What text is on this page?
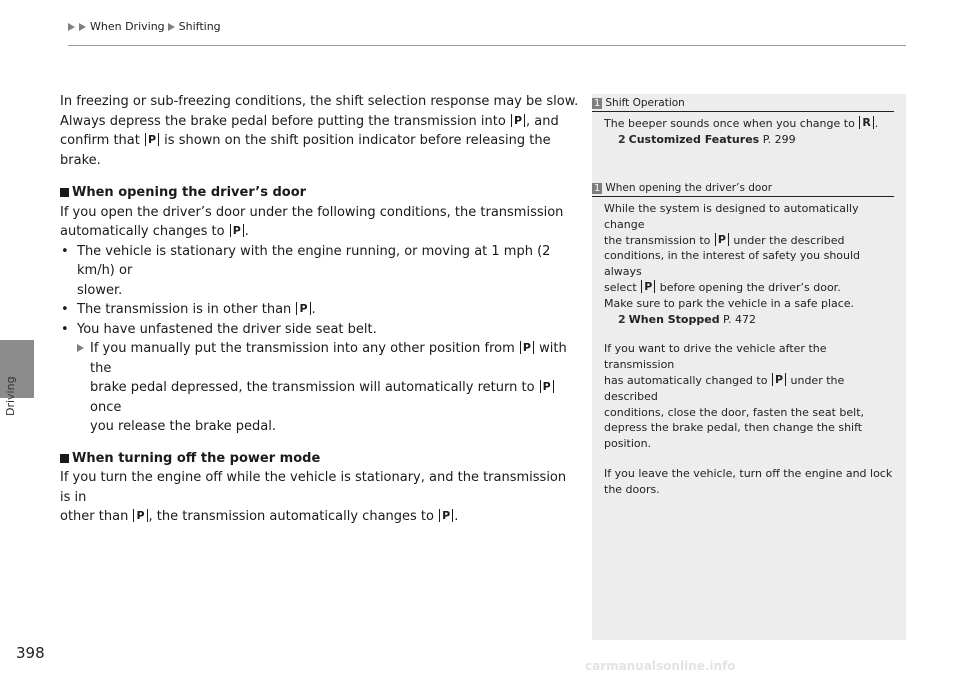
Driving
When Driving Shifting

In freezing or sub-freezing conditions, the shift selection response may be slow.

Always depress the brake pedal before putting the transmission into P , and

confirm that P is shown on the shift position indicator before releasing the brake.

When opening the driver’s door

If you open the driver’s door under the following conditions, the transmission

automatically changes to P .

• The vehicle is stationary with the engine running, or moving at 1 mph (2 km/h) or
slower.
• The transmission is in other than P .
• You have unfastened the driver side seat belt.
If you manually put the transmission into any other position from P with the
brake pedal depressed, the transmission will automatically return to P once
you release the brake pedal.
When turning off the power mode

If you turn the engine off while the vehicle is stationary, and the transmission is in

other than P , the transmission automatically changes to P .

1 Shift Operation

The beeper sounds once when you change to R .

2 Customized Features P. 299

1 When opening the driver’s door

While the system is designed to automatically change

the transmission to P under the described

conditions, in the interest of safety you should always

select P before opening the driver’s door.

Make sure to park the vehicle in a safe place.

2 When Stopped P. 472

If you want to drive the vehicle after the transmission

has automatically changed to P under the described

conditions, close the door, fasten the seat belt,

depress the brake pedal, then change the shift

position.

If you leave the vehicle, turn off the engine and lock

the doors.

398
carmanualsonline.info
